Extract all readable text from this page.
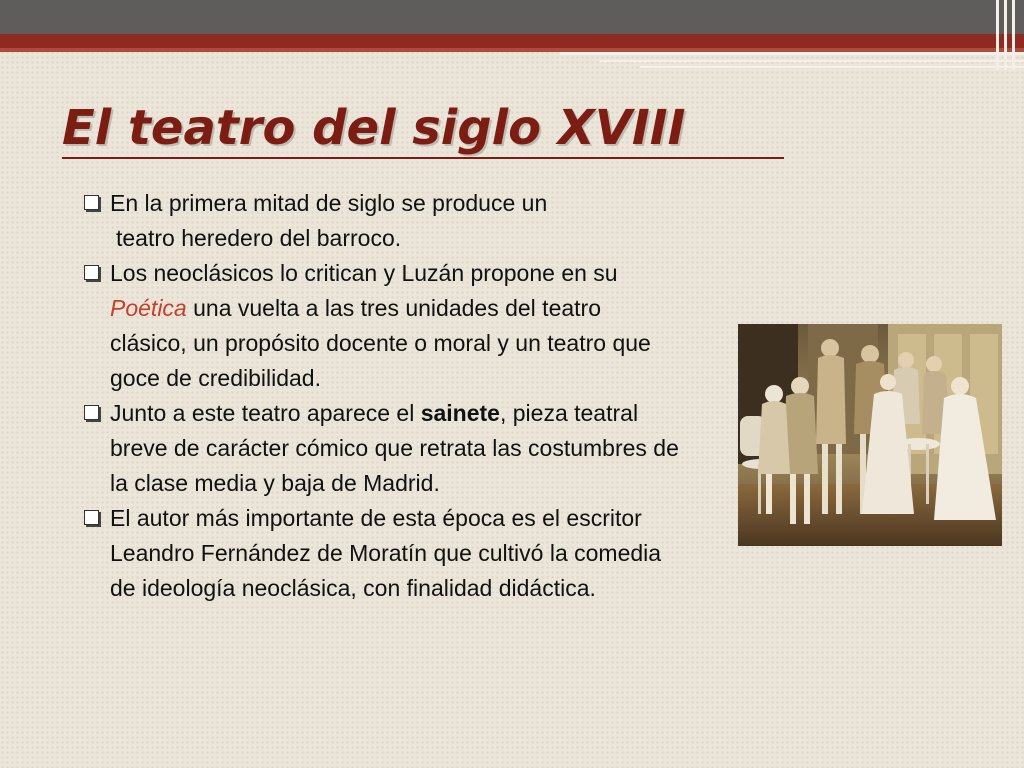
El teatro del siglo XVIII
En la primera mitad de siglo se produce un
teatro heredero del barroco.
Los neoclásicos lo critican y Luzán propone en su Poética una vuelta a las tres unidades del teatro clásico, un propósito docente o moral y un teatro que goce de credibilidad.
Junto a este teatro aparece el sainete, pieza teatral breve de carácter cómico que retrata las costumbres de la clase media y baja de Madrid.
El autor más importante de esta época es el escritor Leandro Fernández de Moratín que cultivó la comedia de ideología neoclásica, con finalidad didáctica.
